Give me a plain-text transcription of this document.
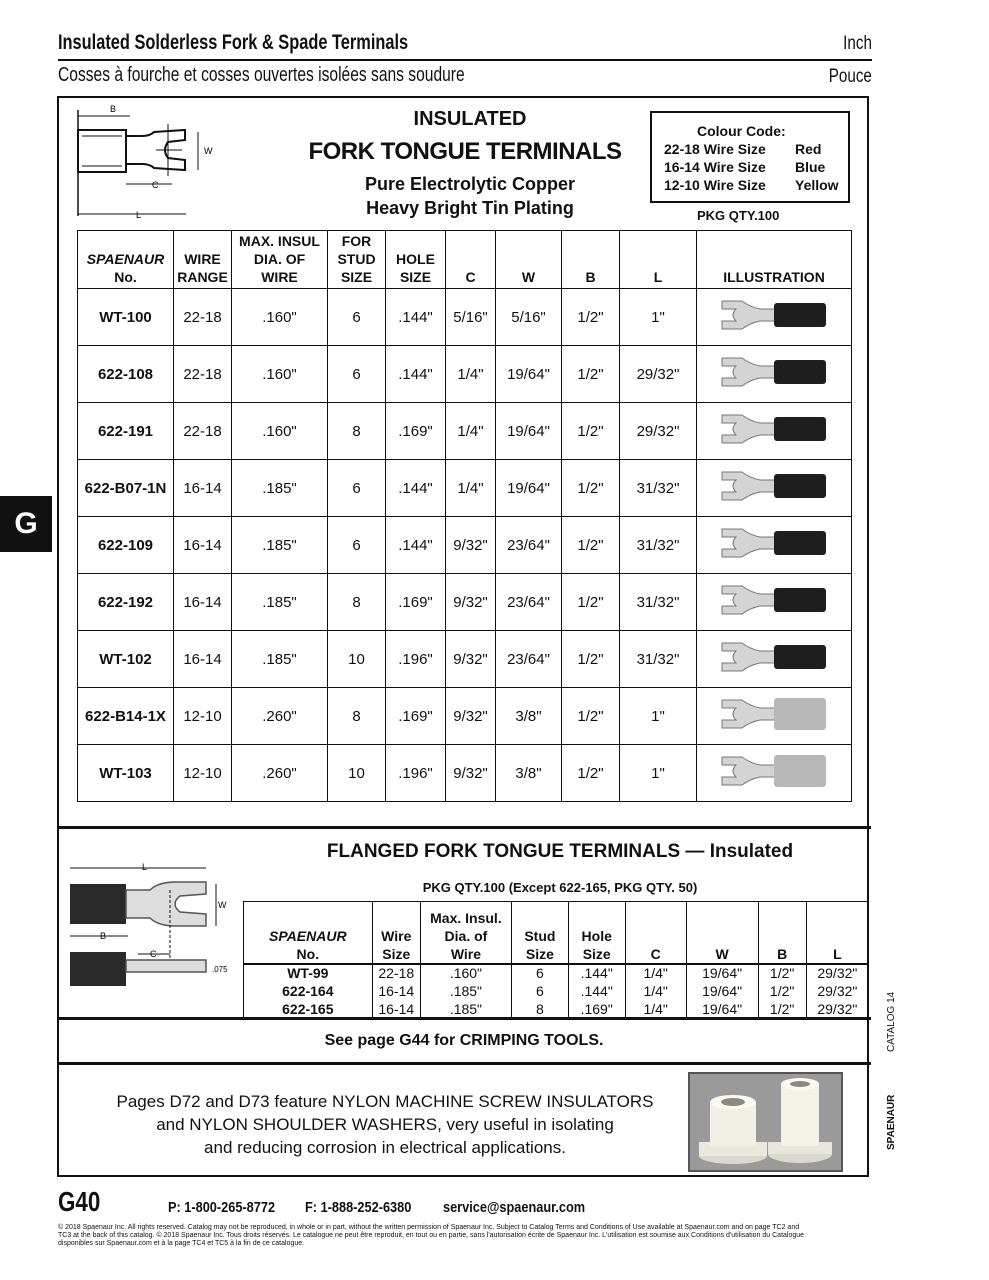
Insulated Solderless Fork & Spade Terminals	Inch
Cosses à fourche et cosses ouvertes isolées sans soudure	Pouce
G
B
W
C
L
INSULATED
FORK TONGUE TERMINALS
Pure Electrolytic Copper
Heavy Bright Tin Plating
Colour Code:
22-18 Wire Size Red
16-14 Wire Size Blue
12-10 Wire Size Yellow
PKG QTY.100
SPAENAUR
No.	WIRE
RANGE	MAX. INSUL
DIA. OF
WIRE	FOR
STUD
SIZE	HOLE
SIZE	C	W	B	L	ILLUSTRATION
WT-100	22-18	.160"	6	.144"	5/16"	5/16"	1/2"	1"	
622-108	22-18	.160"	6	.144"	1/4"	19/64"	1/2"	29/32"	
622-191	22-18	.160"	8	.169"	1/4"	19/64"	1/2"	29/32"	
622-B07-1N	16-14	.185"	6	.144"	1/4"	19/64"	1/2"	31/32"	
622-109	16-14	.185"	6	.144"	9/32"	23/64"	1/2"	31/32"	
622-192	16-14	.185"	8	.169"	9/32"	23/64"	1/2"	31/32"	
WT-102	16-14	.185"	10	.196"	9/32"	23/64"	1/2"	31/32"	
622-B14-1X	12-10	.260"	8	.169"	9/32"	3/8"	1/2"	1"	
WT-103	12-10	.260"	10	.196"	9/32"	3/8"	1/2"	1"	
L
W
B
C
.075
FLANGED FORK TONGUE TERMINALS — Insulated
PKG QTY.100 (Except 622-165, PKG QTY. 50)
SPAENAUR
No.	Wire
Size	Max. Insul.
Dia. of
Wire	Stud
Size	Hole
Size	C	W	B	L
WT-99	22-18	.160"	6	.144"	1/4"	19/64"	1/2"	29/32"
622-164	16-14	.185"	6	.144"	1/4"	19/64"	1/2"	29/32"
622-165	16-14	.185"	8	.169"	1/4"	19/64"	1/2"	29/32"
See page G44 for CRIMPING TOOLS.
Pages D72 and D73 feature NYLON MACHINE SCREW INSULATORS
and NYLON SHOULDER WASHERS, very useful in isolating
and reducing corrosion in electrical applications.
CATALOG 14
SPAENAUR
G40	P: 1-800-265-8772 F: 1-888-252-6380 service@spaenaur.com
© 2018 Spaenaur Inc. All rights reserved. Catalog may not be reproduced, in whole or in part, without the written permission of Spaenaur Inc. Subject to Catalog Terms and Conditions of Use available at Spaenaur.com and on page TC2 and
TC3 at the back of this catalog. © 2018 Spaenaur Inc. Tous droits réservés. Le catalogue ne peut être reproduit, en tout ou en partie, sans l'autorisation écrite de Spaenaur Inc. L'utilisation est soumise aux Conditions d'utilisation du Catalogue
disponibles sur Spaenaur.com et à la page TC4 et TC5 à la fin de ce catalogue.
